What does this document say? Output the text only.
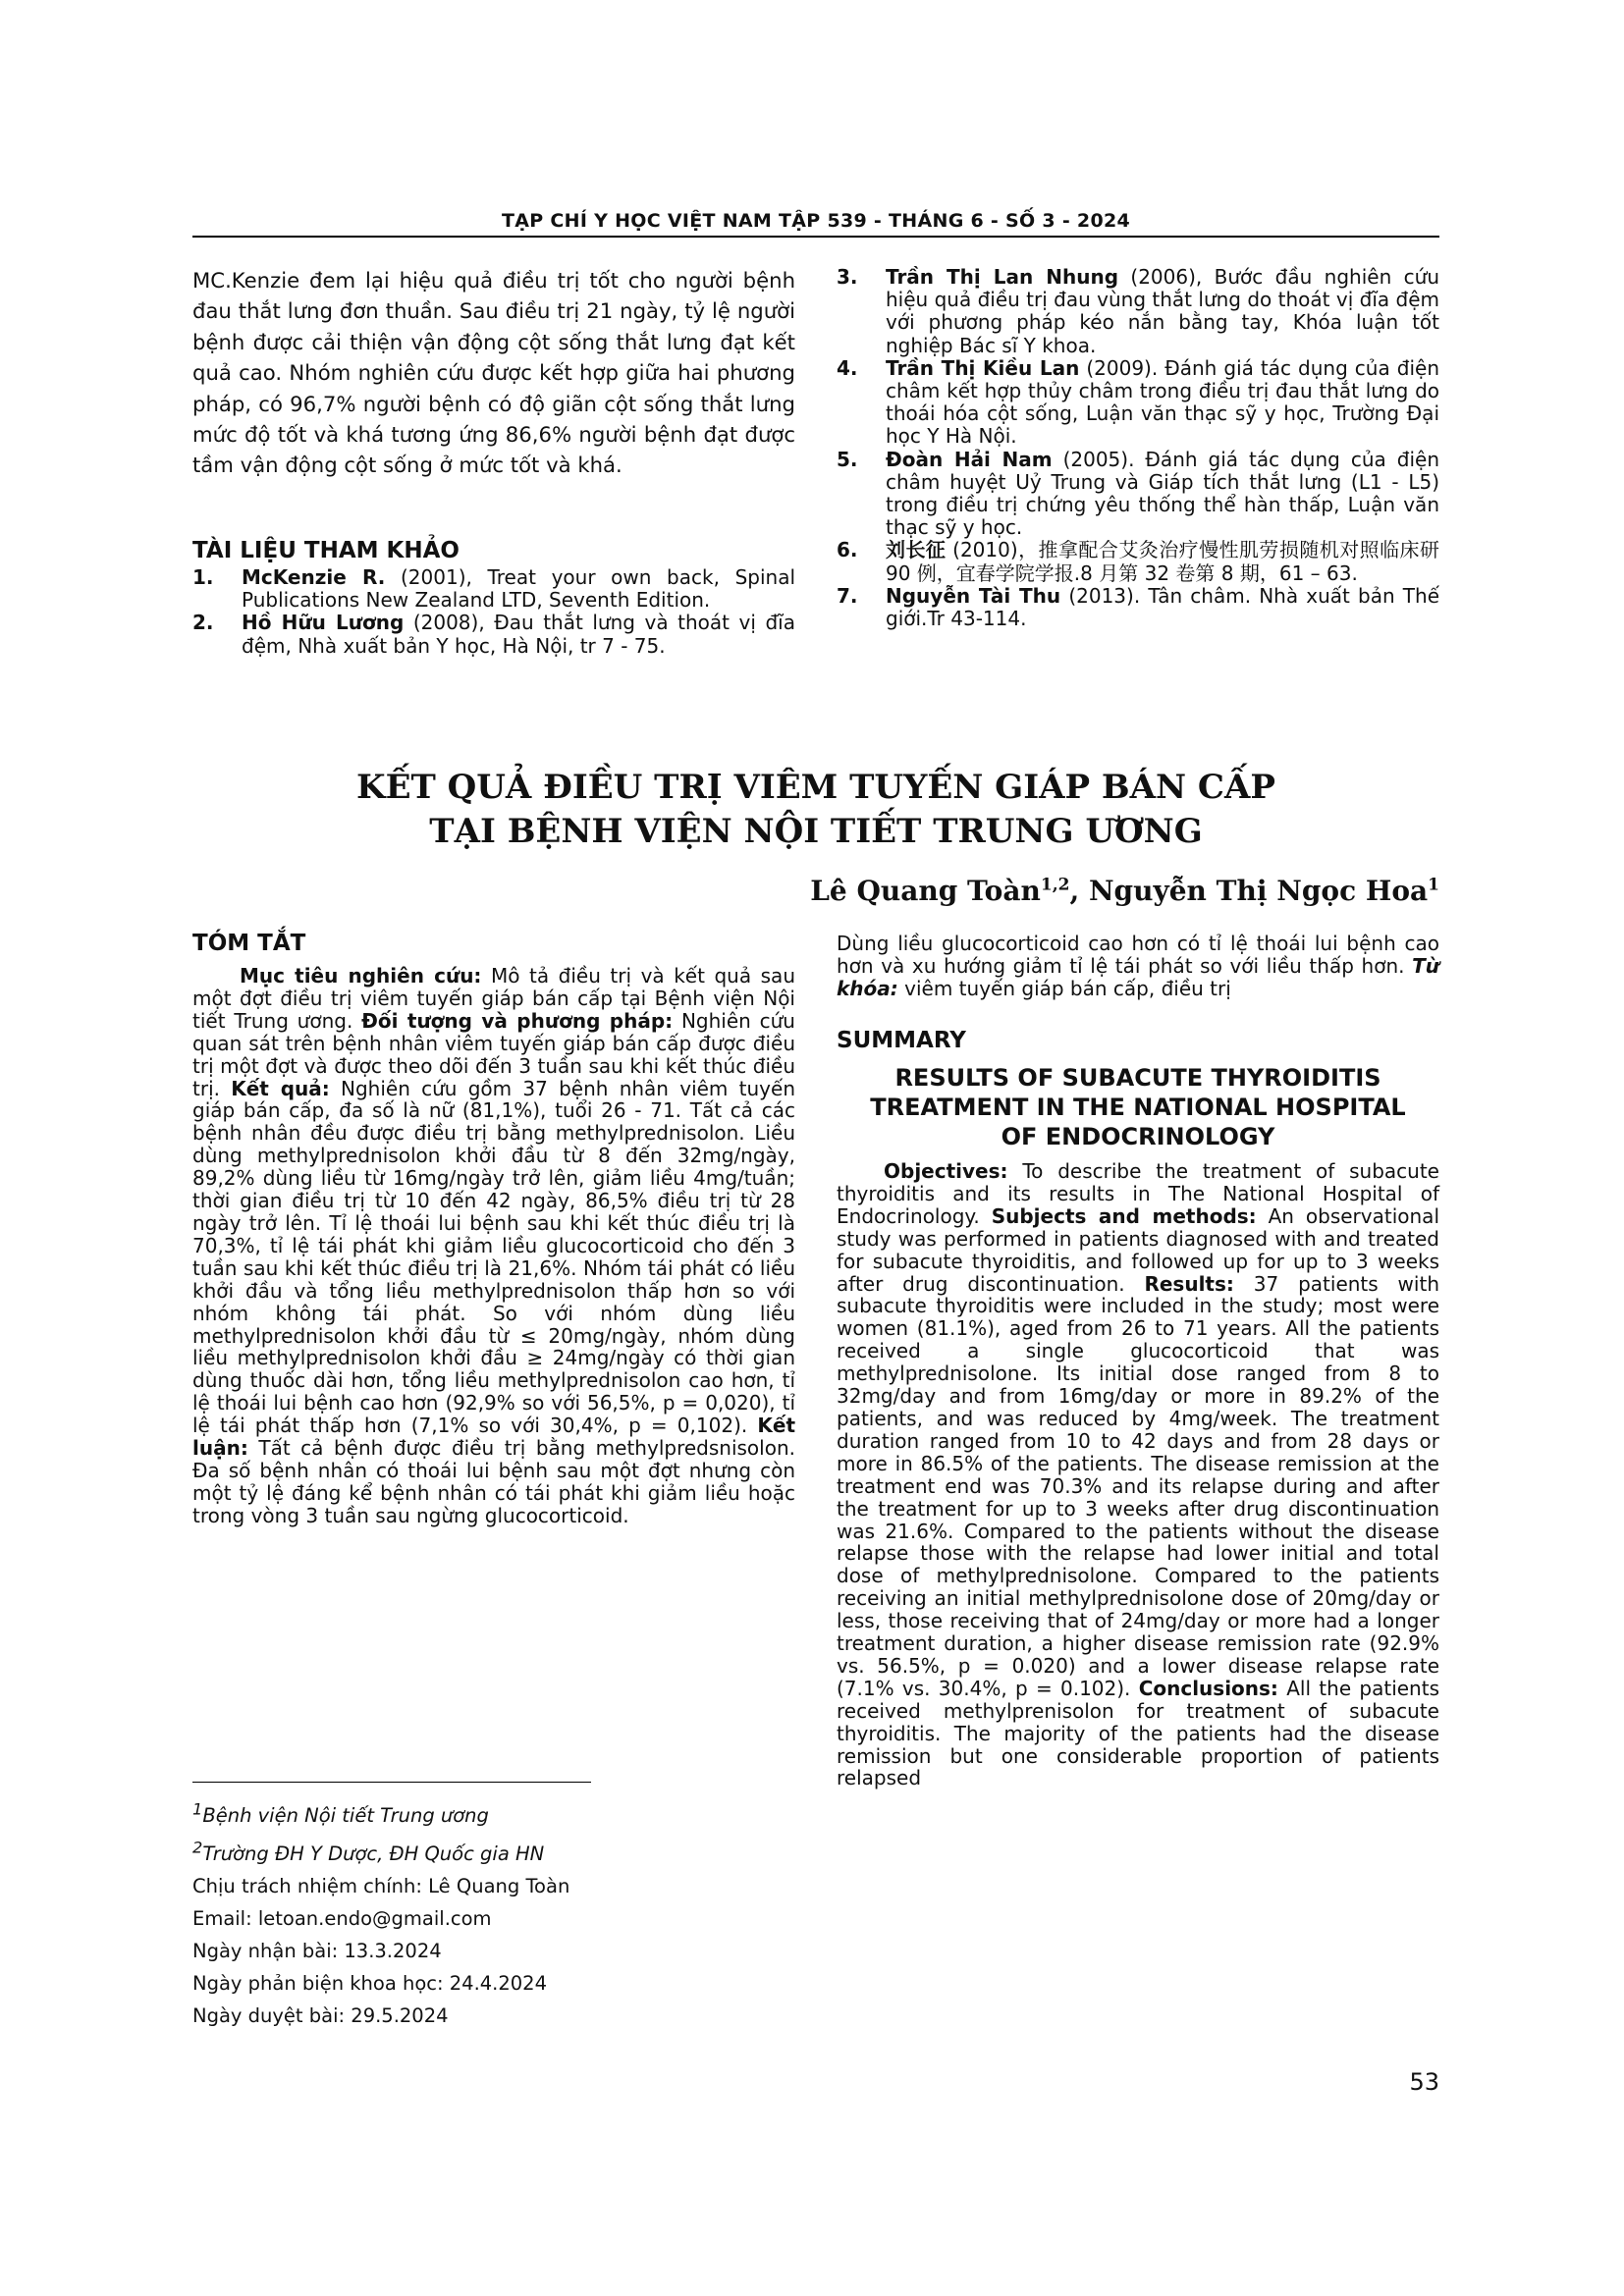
TẠP CHÍ Y HỌC VIỆT NAM TẬP 539 - THÁNG 6 - SỐ 3 - 2024
MC.Kenzie đem lại hiệu quả điều trị tốt cho người bệnh đau thắt lưng đơn thuần. Sau điều trị 21 ngày, tỷ lệ người bệnh được cải thiện vận động cột sống thắt lưng đạt kết quả cao. Nhóm nghiên cứu được kết hợp giữa hai phương pháp, có 96,7% người bệnh có độ giãn cột sống thắt lưng mức độ tốt và khá tương ứng 86,6% người bệnh đạt được tầm vận động cột sống ở mức tốt và khá.
TÀI LIỆU THAM KHẢO
1. McKenzie R. (2001), Treat your own back, Spinal Publications New Zealand LTD, Seventh Edition.
2. Hồ Hữu Lương (2008), Đau thắt lưng và thoát vị đĩa đệm, Nhà xuất bản Y học, Hà Nội, tr 7 - 75.
3. Trần Thị Lan Nhung (2006), Bước đầu nghiên cứu hiệu quả điều trị đau vùng thắt lưng do thoát vị đĩa đệm với phương pháp kéo nắn bằng tay, Khóa luận tốt nghiệp Bác sĩ Y khoa.
4. Trần Thị Kiều Lan (2009). Đánh giá tác dụng của điện châm kết hợp thủy châm trong điều trị đau thắt lưng do thoái hóa cột sống, Luận văn thạc sỹ y học, Trường Đại học Y Hà Nội.
5. Đoàn Hải Nam (2005). Đánh giá tác dụng của điện châm huyệt Uỷ Trung và Giáp tích thắt lưng (L1 - L5) trong điều trị chứng yêu thống thể hàn thấp, Luận văn thạc sỹ y học.
6. 刘长征 (2010)，推拿配合艾灸治疗慢性肌劳损随机对照临床研 90 例，宜春学院学报.8 月第 32 卷第 8 期，61 – 63.
7. Nguyễn Tài Thu (2013). Tân châm. Nhà xuất bản Thế giới.Tr 43-114.
KẾT QUẢ ĐIỀU TRỊ VIÊM TUYẾN GIÁP BÁN CẤP
TẠI BỆNH VIỆN NỘI TIẾT TRUNG ƯƠNG
Lê Quang Toàn$^{1,2}$, Nguyễn Thị Ngọc Hoa$^1$
TÓM TẮT
Mục tiêu nghiên cứu: Mô tả điều trị và kết quả sau một đợt điều trị viêm tuyến giáp bán cấp tại Bệnh viện Nội tiết Trung ương. Đối tượng và phương pháp: Nghiên cứu quan sát trên bệnh nhân viêm tuyến giáp bán cấp được điều trị một đợt và được theo dõi đến 3 tuần sau khi kết thúc điều trị. Kết quả: Nghiên cứu gồm 37 bệnh nhân viêm tuyến giáp bán cấp, đa số là nữ (81,1%), tuổi 26 - 71. Tất cả các bệnh nhân đều được điều trị bằng methylprednisolon. Liều dùng methylprednisolon khởi đầu từ 8 đến 32mg/ngày, 89,2% dùng liều từ 16mg/ngày trở lên, giảm liều 4mg/tuần; thời gian điều trị từ 10 đến 42 ngày, 86,5% điều trị từ 28 ngày trở lên. Tỉ lệ thoái lui bệnh sau khi kết thúc điều trị là 70,3%, tỉ lệ tái phát khi giảm liều glucocorticoid cho đến 3 tuần sau khi kết thúc điều trị là 21,6%. Nhóm tái phát có liều khởi đầu và tổng liều methylprednisolon thấp hơn so với nhóm không tái phát. So với nhóm dùng liều methylprednisolon khởi đầu từ ≤ 20mg/ngày, nhóm dùng liều methylprednisolon khởi đầu ≥ 24mg/ngày có thời gian dùng thuốc dài hơn, tổng liều methylprednisolon cao hơn, tỉ lệ thoái lui bệnh cao hơn (92,9% so với 56,5%, p = 0,020), tỉ lệ tái phát thấp hơn (7,1% so với 30,4%, p = 0,102). Kết luận: Tất cả bệnh được điều trị bằng methylpredsnisolon. Đa số bệnh nhân có thoái lui bệnh sau một đợt nhưng còn một tỷ lệ đáng kể bệnh nhân có tái phát khi giảm liều hoặc trong vòng 3 tuần sau ngừng glucocorticoid.
Dùng liều glucocorticoid cao hơn có tỉ lệ thoái lui bệnh cao hơn và xu hướng giảm tỉ lệ tái phát so với liều thấp hơn. Từ khóa: viêm tuyến giáp bán cấp, điều trị
SUMMARY
RESULTS OF SUBACUTE THYROIDITIS
TREATMENT IN THE NATIONAL HOSPITAL
OF ENDOCRINOLOGY
Objectives: To describe the treatment of subacute thyroiditis and its results in The National Hospital of Endocrinology. Subjects and methods: An observational study was performed in patients diagnosed with and treated for subacute thyroiditis, and followed up for up to 3 weeks after drug discontinuation. Results: 37 patients with subacute thyroiditis were included in the study; most were women (81.1%), aged from 26 to 71 years. All the patients received a single glucocorticoid that was methylprednisolone. Its initial dose ranged from 8 to 32mg/day and from 16mg/day or more in 89.2% of the patients, and was reduced by 4mg/week. The treatment duration ranged from 10 to 42 days and from 28 days or more in 86.5% of the patients. The disease remission at the treatment end was 70.3% and its relapse during and after the treatment for up to 3 weeks after drug discontinuation was 21.6%. Compared to the patients without the disease relapse those with the relapse had lower initial and total dose of methylprednisolone. Compared to the patients receiving an initial methylprednisolone dose of 20mg/day or less, those receiving that of 24mg/day or more had a longer treatment duration, a higher disease remission rate (92.9% vs. 56.5%, p = 0.020) and a lower disease relapse rate (7.1% vs. 30.4%, p = 0.102). Conclusions: All the patients received methylprenisolon for treatment of subacute thyroiditis. The majority of the patients had the disease remission but one considerable proportion of patients relapsed
$^1$Bệnh viện Nội tiết Trung ương
$^2$Trường ĐH Y Dược, ĐH Quốc gia HN
Chịu trách nhiệm chính: Lê Quang Toàn
Email: letoan.endo@gmail.com
Ngày nhận bài: 13.3.2024
Ngày phản biện khoa học: 24.4.2024
Ngày duyệt bài: 29.5.2024
53
